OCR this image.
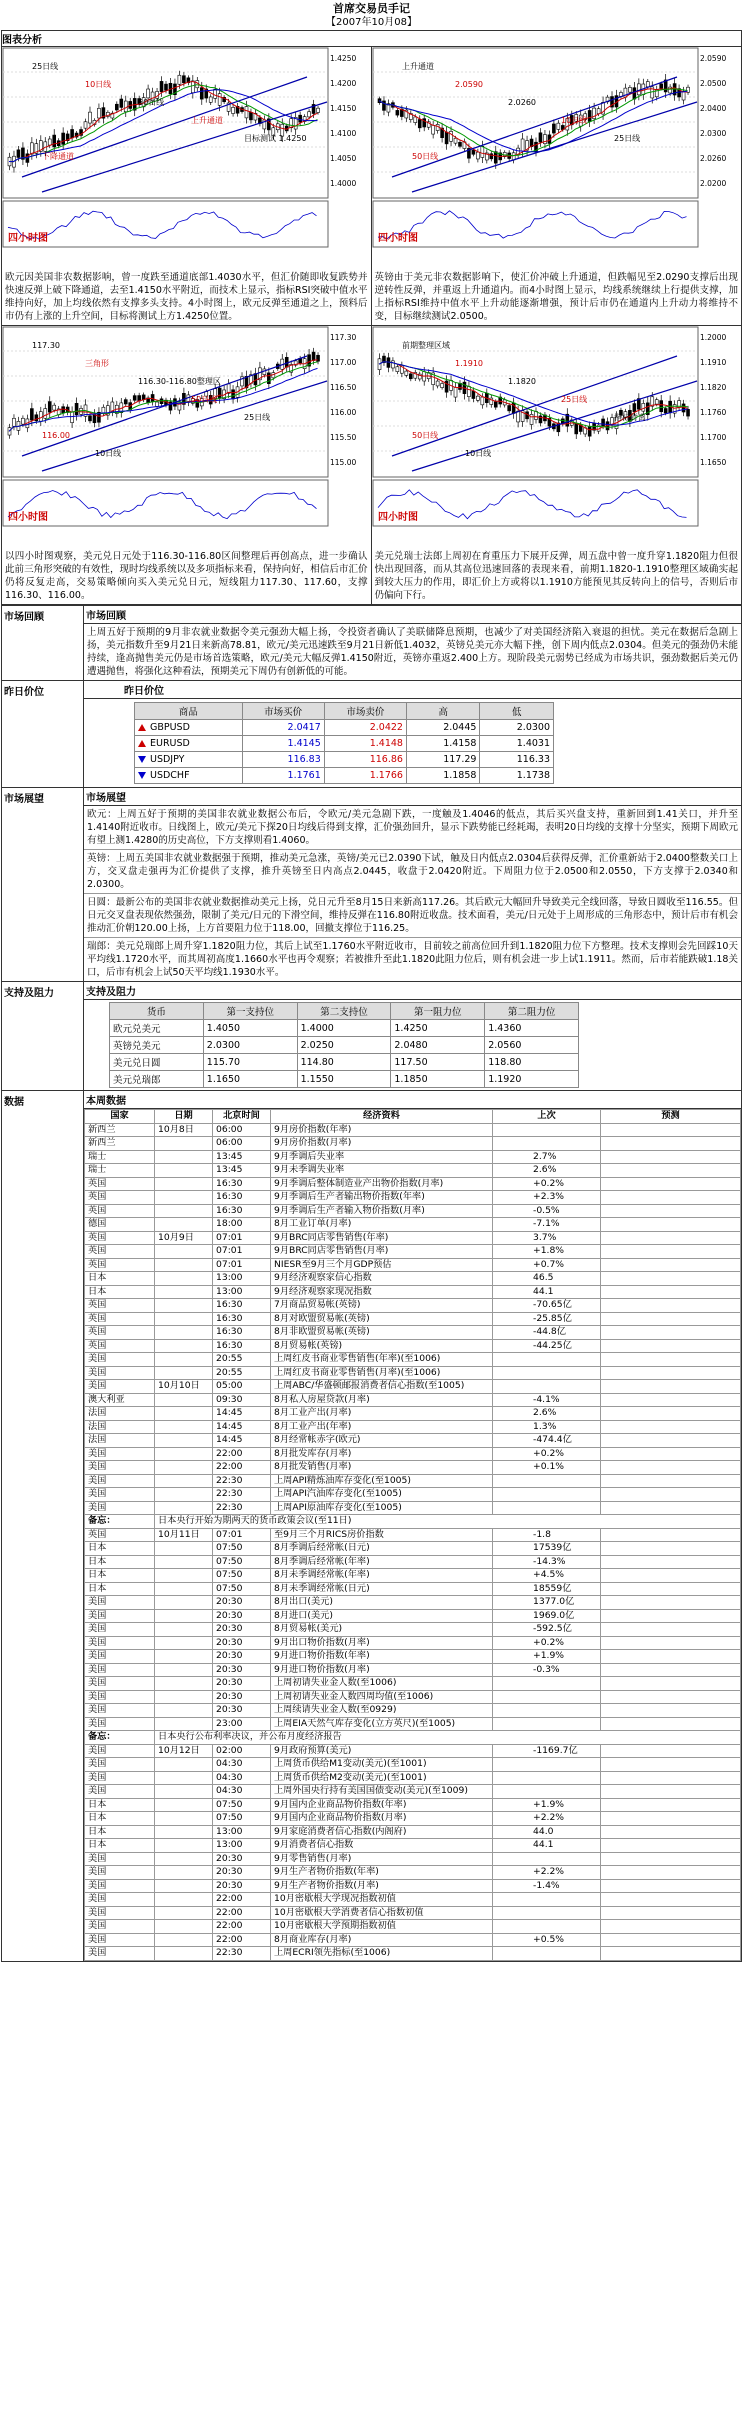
首席交易员手记
【2007年10月08】
图表分析

1.4250
1.4200
1.4150
1.4100
1.4050
1.4000
25日线
10日线
50日线
上升通道
目标测试 1.4250
下降通道
四小时图
欧元因美国非农数据影响，曾一度跌至通道底部1.4030水平，但汇价随即收复跌势并快速反弹上破下降通道，去至1.4150水平附近，而技术上显示，指标RSI突破中值水平维持向好，加上均线依然有支撑多头支持。4小时图上，欧元反弹至通道之上，预料后市仍有上涨的上升空间，目标将测试上方1.4250位置。
2.0590
2.0500
2.0400
2.0300
2.0260
2.0200
上升通道
2.0590
2.0260
10日线
25日线
50日线
四小时图
英镑由于美元非农数据影响下，使汇价冲破上升通道，但跌幅见至2.0290支撑后出现逆转性反弹，并重返上升通道内。而4小时图上显示，均线系统继续上行提供支撑，加上指标RSI维持中值水平上升动能逐渐增强，预计后市仍在通道内上升动力将维持不变，目标继续测试2.0500。
117.30
117.00
116.50
116.00
115.50
115.00
117.30
三角形
116.30-116.80整理区
50日线
25日线
116.00
10日线
四小时图
以四小时图观察，美元兑日元处于116.30-116.80区间整理后再创高点，进一步确认此前三角形突破的有效性，现时均线系统以及多项指标来看，保持向好，相信后市汇价仍将反复走高，交易策略倾向买入美元兑日元，短线阻力117.30、117.60，支撑116.30、116.00。
1.2000
1.1910
1.1820
1.1760
1.1700
1.1650
前期整理区域
1.1910
1.1820
25日线
指标背离
50日线
10日线
四小时图
美元兑瑞士法郎上周初在育重压力下展开反弹，周五盘中曾一度升穿1.1820阻力但很快出现回落，而从其高位迅速回落的表现来看，前期1.1820-1.1910整理区域确实起到较大压力的作用，即汇价上方或将以1.1910方能预见其反转向上的信号，否则后市仍偏向下行。

市场回顾	市场回顾
上周五好于预期的9月非农就业数据令美元强劲大幅上扬，令投资者确认了美联储降息预期，也减少了对美国经济陷入衰退的担忧。美元在数据后急剧上扬，美元指数升至9月21日来新高78.81，欧元/美元迅速跌至9月21日新低1.4032，英镑兑美元亦大幅下挫，创下周内低点2.0304。但美元的强劲仍未能持续，逢高抛售美元仍是市场首选策略，欧元/美元大幅反弹1.4150附近，英镑亦重返2.400上方。现阶段美元弱势已经成为市场共识，强劲数据后美元仍遭遇抛售，将强化这种看法，预期美元下周仍有创新低的可能。

昨日价位	昨日价位
商品	市场买价	市场卖价	高	低
GBPUSD	2.0417	2.0422	2.0445	2.0300
EURUSD	1.4145	1.4148	1.4158	1.4031
USDJPY	116.83	116.86	117.29	116.33
USDCHF	1.1761	1.1766	1.1858	1.1738

市场展望	市场展望
欧元：上周五好于预期的美国非农就业数据公布后，令欧元/美元急剧下跌，一度触及1.4046的低点，其后买兴盘支持，重新回到1.41关口，并升至1.4140附近收市。日线图上，欧元/美元下探20日均线后得到支撑，汇价强劲回升，显示下跌势能已经耗竭，表明20日均线的支撑十分坚实，预期下周欧元有望上测1.4280的历史高位，下方支撑则看1.4060。
英镑：上周五美国非农就业数据强于预期，推动美元急涨，英镑/美元已2.0390下试，触及日内低点2.0304后获得反弹，汇价重新站于2.0400整数关口上方，交叉盘走强再为汇价提供了支撑，推升英镑至日内高点2.0445，收盘于2.0420附近。下周阻力位于2.0500和2.0550，下方支撑于2.0340和2.0300。
日圆：最新公布的美国非农就业数据推动美元上扬，兑日元升至8月15日来新高117.26。其后欧元大幅回升导致美元全线回落，导致日圆收至116.55。但日元交叉盘表现依然强劲，限制了美元/日元的下滑空间，维持反弹在116.80附近收盘。技术面看，美元/日元处于上周形成的三角形态中，预计后市有机会推动汇价朝120.00上扬，上方首要阻力位于118.00，回撤支撑位于116.25。
瑞郎：美元兑瑞郎上周升穿1.1820阻力位，其后上试至1.1760水平附近收市，目前较之前高位回升到1.1820阻力位下方整理。技术支撑则会先回踩10天平均线1.1720水平，而其周初高度1.1660水平也再令观察；若被推升至此1.1820此阻力位后，则有机会进一步上试1.1911。然而，后市若能跌破1.18关口，后市有机会上试50天平均线1.1930水平。

支持及阻力	支持及阻力
货币	第一支持位	第二支持位	第一阻力位	第二阻力位
欧元兑美元	1.4050	1.4000	1.4250	1.4360
英镑兑美元	2.0300	2.0250	2.0480	2.0560
美元兑日圆	115.70	114.80	117.50	118.80
美元兑瑞郎	1.1650	1.1550	1.1850	1.1920

数据	本周数据
国家	日期	北京时间	经济资料	上次	预测
新西兰	10月8日	06:00	9月房价指数(年率)		
新西兰		06:00	9月房价指数(月率)		
瑞士		13:45	9月季调后失业率	2.7%	
瑞士		13:45	9月未季调失业率	2.6%	
英国		16:30	9月季调后整体制造业产出物价指数(月率)	+0.2%	
英国		16:30	9月季调后生产者输出物价指数(年率)	+2.3%	
英国		16:30	9月季调后生产者输入物价指数(月率)	-0.5%	
德国		18:00	8月工业订单(月率)	-7.1%	
英国	10月9日	07:01	9月BRC同店零售销售(年率)	3.7%	
英国		07:01	9月BRC同店零售销售(月率)	+1.8%	
英国		07:01	NIESR至9月三个月GDP预估	+0.7%	
日本		13:00	9月经济观察家信心指数	46.5	
日本		13:00	9月经济观察家现况指数	44.1	
英国		16:30	7月商品贸易帐(英镑)	-70.65亿	
英国		16:30	8月对欧盟贸易帐(英镑)	-25.85亿	
英国		16:30	8月非欧盟贸易帐(英镑)	-44.8亿	
英国		16:30	8月贸易帐(英镑)	-44.25亿	
美国		20:55	上周红皮书商业零售销售(年率)(至1006)		
美国		20:55	上周红皮书商业零售销售(月率)(至1006)		
美国	10月10日	05:00	上周ABC/华盛顿邮报消费者信心指数(至1005)		
澳大利亚		09:30	8月私人房屋贷款(月率)	-4.1%	
法国		14:45	8月工业产出(月率)	2.6%	
法国		14:45	8月工业产出(年率)	1.3%	
法国		14:45	8月经常帐赤字(欧元)	-474.4亿	
美国		22:00	8月批发库存(月率)	+0.2%	
美国		22:00	8月批发销售(月率)	+0.1%	
美国		22:30	上周API精炼油库存变化(至1005)		
美国		22:30	上周API汽油库存变化(至1005)		
美国		22:30	上周API原油库存变化(至1005)		
备忘：	日本央行开始为期两天的货币政策会议(至11日)
英国	10月11日	07:01	至9月三个月RICS房价指数	-1.8	
日本		07:50	8月季调后经常帐(日元)	17539亿	
日本		07:50	8月季调后经常帐(年率)	-14.3%	
日本		07:50	8月未季调经常帐(年率)	+4.5%	
日本		07:50	8月未季调经常帐(日元)	18559亿	
美国		20:30	8月出口(美元)	1377.0亿	
美国		20:30	8月进口(美元)	1969.0亿	
美国		20:30	8月贸易帐(美元)	-592.5亿	
美国		20:30	9月出口物价指数(月率)	+0.2%	
美国		20:30	9月进口物价指数(年率)	+1.9%	
美国		20:30	9月进口物价指数(月率)	-0.3%	
美国		20:30	上周初请失业金人数(至1006)		
美国		20:30	上周初请失业金人数四周均值(至1006)		
美国		20:30	上周续请失业金人数(至0929)		
美国		23:00	上周EIA天然气库存变化(立方英尺)(至1005)		
备忘：	日本央行公布利率决议，并公布月度经济报告
美国	10月12日	02:00	9月政府预算(美元)	-1169.7亿	
美国		04:30	上周货币供给M1变动(美元)(至1001)		
美国		04:30	上周货币供给M2变动(美元)(至1001)		
美国		04:30	上周外国央行持有美国国债变动(美元)(至1009)		
日本		07:50	9月国内企业商品物价指数(年率)	+1.9%	
日本		07:50	9月国内企业商品物价指数(月率)	+2.2%	
日本		13:00	9月家庭消费者信心指数(内阁府)	44.0	
日本		13:00	9月消费者信心指数	44.1	
美国		20:30	9月零售销售(月率)		
美国		20:30	9月生产者物价指数(年率)	+2.2%	
美国		20:30	9月生产者物价指数(月率)	-1.4%	
美国		22:00	10月密歇根大学现况指数初值		
美国		22:00	10月密歇根大学消费者信心指数初值		
美国		22:00	10月密歇根大学预期指数初值		
美国		22:00	8月商业库存(月率)	+0.5%	
美国		22:30	上周ECRI领先指标(至1006)		
